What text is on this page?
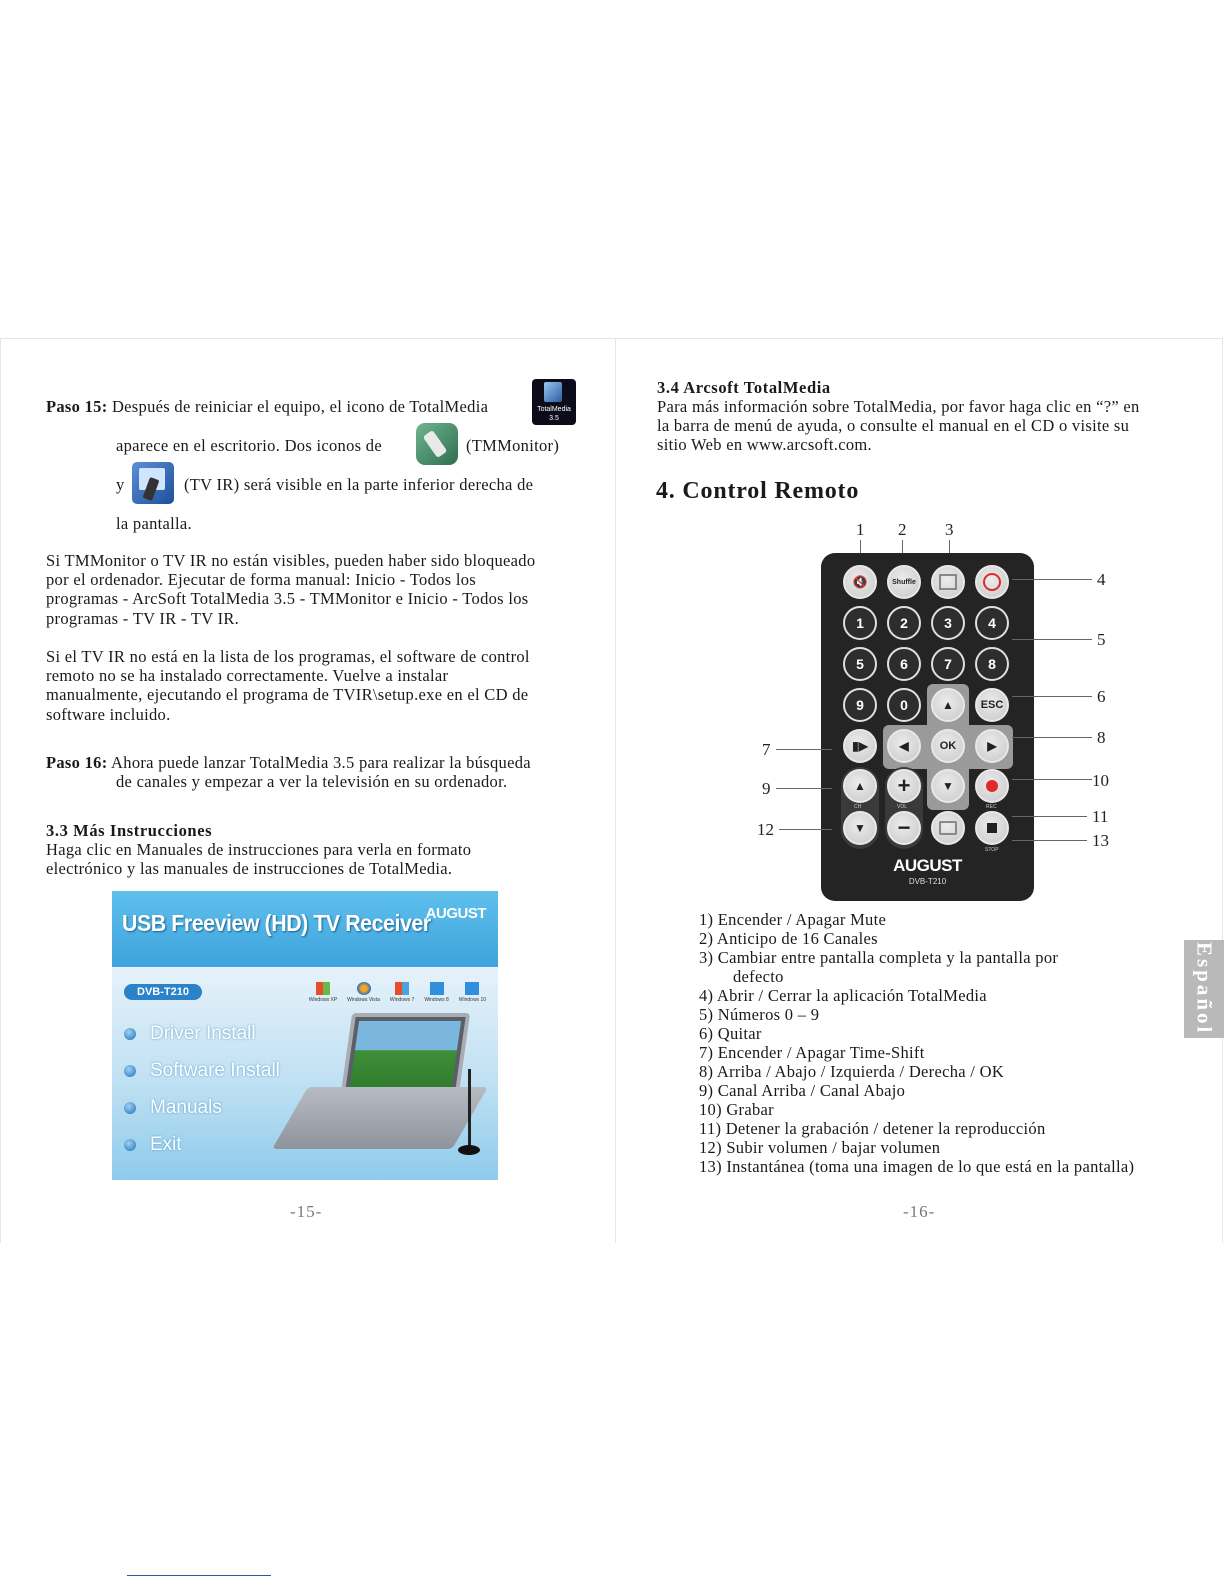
Paso 15: Después de reiniciar el equipo, el icono de TotalMedia	TotalMedia 3.5
aparece en el escritorio. Dos iconos de	(TMMonitor)
y	(TV IR) será visible en la parte inferior derecha de
la pantalla.
Si TMMonitor o TV IR no están visibles, pueden haber sido bloqueado
por el ordenador. Ejecutar de forma manual: Inicio - Todos los
programas - ArcSoft TotalMedia 3.5 - TMMonitor e Inicio - Todos los
programas - TV IR - TV IR.
Si el TV IR no está en la lista de los programas, el software de control
remoto no se ha instalado correctamente. Vuelve a instalar
manualmente, ejecutando el programa de TVIR\setup.exe en el CD de
software incluido.
Paso 16: Ahora puede lanzar TotalMedia 3.5 para realizar la búsqueda
de canales y empezar a ver la televisión en su ordenador.
3.3 Más Instrucciones
Haga clic en Manuales de instrucciones para verla en formato
electrónico y las manuales de instrucciones de TotalMedia.
USB Freeview (HD) TV Receiver
AUGUST
DVB-T210
Windows XP Windows Vista Windows 7 Windows 8 Windows 10
Driver Install
Software Install
Manuals
Exit
-15-
3.4 Arcsoft TotalMedia
Para más información sobre TotalMedia, por favor haga clic en “?” en
la barra de menú de ayuda, o consulte el manual en el CD o visite su
sitio Web en www.arcsoft.com.
4. Control Remoto
1 2 3
🔇	Shuffle
1	2	3	4
5	6	7	8
9	0	▲	ESC
▮▶	◀	OK	▶
▲	+	▼
CH	VOL	REC
▼	−
STOP
AUGUST
DVB-T210
4
5
6
8
10
11
13
7
9
12
1) Encender / Apagar Mute
2) Anticipo de 16 Canales
3) Cambiar entre pantalla completa y la pantalla por
defecto
4) Abrir / Cerrar la aplicación TotalMedia
5) Números 0 – 9
6) Quitar
7) Encender / Apagar Time-Shift
8) Arriba / Abajo / Izquierda / Derecha / OK
9) Canal Arriba / Canal Abajo
10) Grabar
11) Detener la grabación / detener la reproducción
12) Subir volumen / bajar volumen
13) Instantánea (toma una imagen de lo que está en la pantalla)
Español
-16-
